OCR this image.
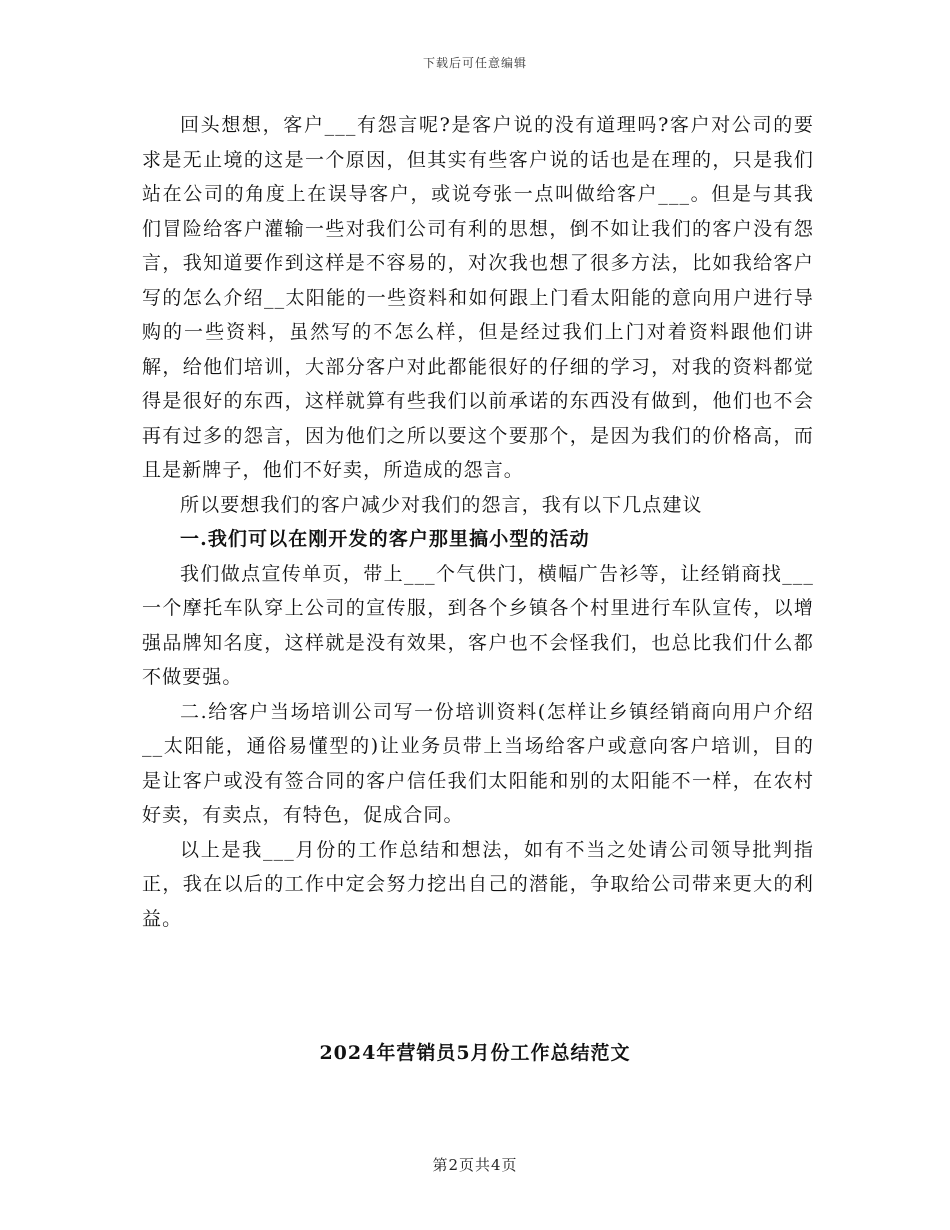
下载后可任意编辑

回头想想，客户___有怨言呢?是客户说的没有道理吗?客户对公司的要求是无止境的这是一个原因，但其实有些客户说的话也是在理的，只是我们站在公司的角度上在误导客户，或说夸张一点叫做给客户___。但是与其我们冒险给客户灌输一些对我们公司有利的思想，倒不如让我们的客户没有怨言，我知道要作到这样是不容易的，对次我也想了很多方法，比如我给客户写的怎么介绍__太阳能的一些资料和如何跟上门看太阳能的意向用户进行导购的一些资料，虽然写的不怎么样，但是经过我们上门对着资料跟他们讲解，给他们培训，大部分客户对此都能很好的仔细的学习，对我的资料都觉得是很好的东西，这样就算有些我们以前承诺的东西没有做到，他们也不会再有过多的怨言，因为他们之所以要这个要那个，是因为我们的价格高，而且是新牌子，他们不好卖，所造成的怨言。

所以要想我们的客户减少对我们的怨言，我有以下几点建议

一.我们可以在刚开发的客户那里搞小型的活动

我们做点宣传单页，带上___个气供门，横幅广告衫等，让经销商找___一个摩托车队穿上公司的宣传服，到各个乡镇各个村里进行车队宣传，以增强品牌知名度，这样就是没有效果，客户也不会怪我们，也总比我们什么都不做要强。

二.给客户当场培训公司写一份培训资料(怎样让乡镇经销商向用户介绍__太阳能，通俗易懂型的)让业务员带上当场给客户或意向客户培训，目的是让客户或没有签合同的客户信任我们太阳能和别的太阳能不一样，在农村好卖，有卖点，有特色，促成合同。

以上是我___月份的工作总结和想法，如有不当之处请公司领导批判指正，我在以后的工作中定会努力挖出自己的潜能，争取给公司带来更大的利益。

2024年营销员5月份工作总结范文
第2页共4页
